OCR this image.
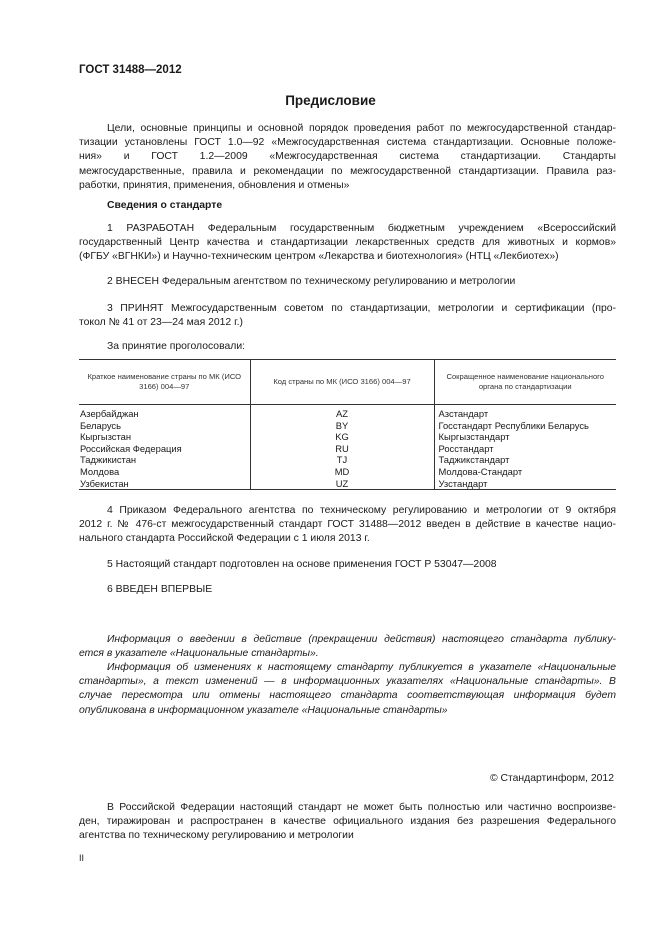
ГОСТ 31488—2012
Предисловие
Цели, основные принципы и основной порядок проведения работ по межгосударственной стандар-
тизации установлены ГОСТ 1.0—92 «Межгосударственная система стандартизации. Основные положе-
ния» и ГОСТ 1.2—2009 «Межгосударственная система стандартизации. Стандарты
межгосударственные, правила и рекомендации по межгосударственной стандартизации. Правила раз-
работки, принятия, применения, обновления и отмены»
Сведения о стандарте
1 РАЗРАБОТАН Федеральным государственным бюджетным учреждением «Всероссийский
государственный Центр качества и стандартизации лекарственных средств для животных и кормов»
(ФГБУ «ВГНКИ») и Научно-техническим центром «Лекарства и биотехнология» (НТЦ «Лекбиотех»)
2 ВНЕСЕН Федеральным агентством по техническому регулированию и метрологии
3 ПРИНЯТ Межгосударственным советом по стандартизации, метрологии и сертификации (про-
токол № 41 от 23—24 мая 2012 г.)
За принятие проголосовали:
Краткое наименование страны по МК (ИСО 3166) 004—97	Код страны по МК (ИСО 3166) 004—97	Сокращенное наименование национального органа по стандартизации
Азербайджан	AZ	Азстандарт
Беларусь	BY	Госстандарт Республики Беларусь
Кыргызстан	KG	Кыргызстандарт
Российская Федерация	RU	Росстандарт
Таджикистан	TJ	Таджикстандарт
Молдова	MD	Молдова-Стандарт
Узбекистан	UZ	Узстандарт
4 Приказом Федерального агентства по техническому регулированию и метрологии от 9 октября
2012 г. № 476-ст межгосударственный стандарт ГОСТ 31488—2012 введен в действие в качестве нацио-
нального стандарта Российской Федерации с 1 июля 2013 г.
5 Настоящий стандарт подготовлен на основе применения ГОСТ Р 53047—2008
6 ВВЕДЕН ВПЕРВЫЕ
Информация о введении в действие (прекращении действия) настоящего стандарта публику-
ется в указателе «Национальные стандарты».
Информация об изменениях к настоящему стандарту публикуется в указателе «Национальные
стандарты», а текст изменений — в информационных указателях «Национальные стандарты». В
случае пересмотра или отмены настоящего стандарта соответствующая информация будет
опубликована в информационном указателе «Национальные стандарты»
© Стандартинформ, 2012
В Российской Федерации настоящий стандарт не может быть полностью или частично воспроизве-
ден, тиражирован и распространен в качестве официального издания без разрешения Федерального
агентства по техническому регулированию и метрологии
II
